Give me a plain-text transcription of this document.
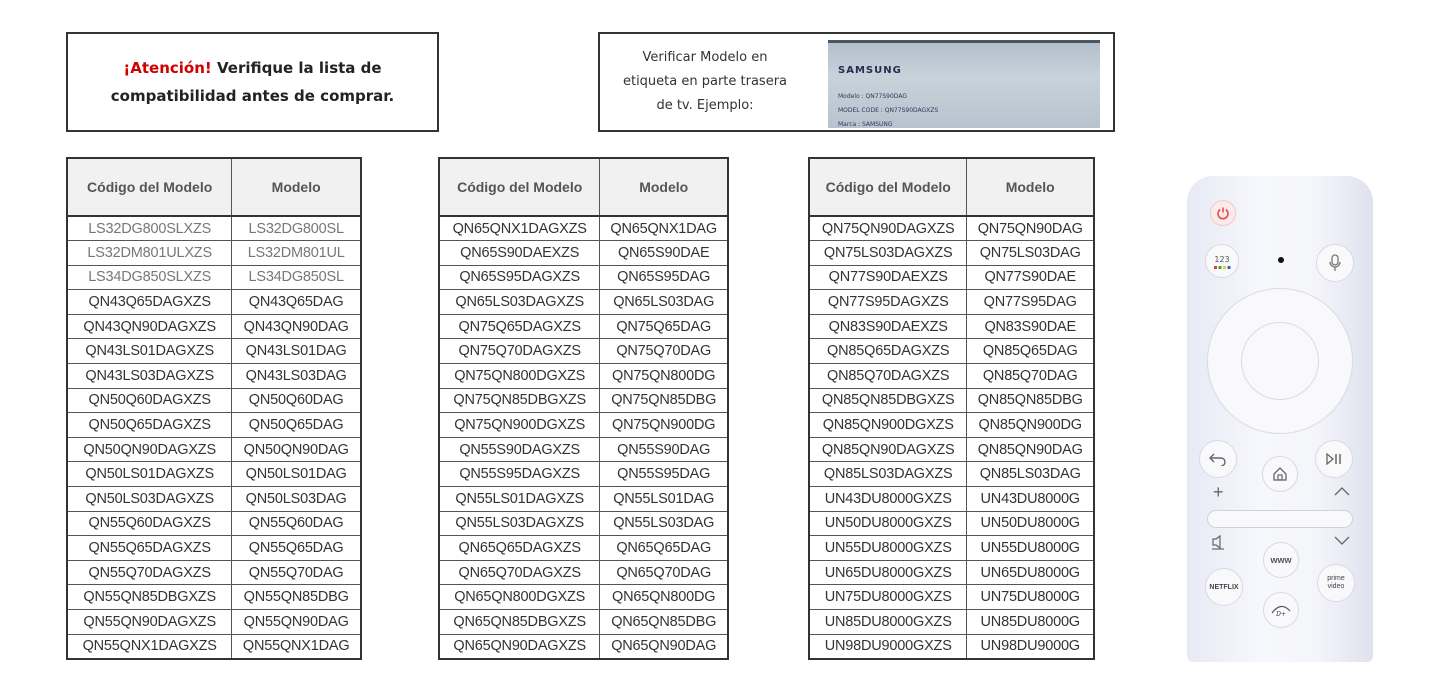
¡Atención! Verifique la lista de
compatibilidad antes de comprar.
Verificar Modelo en
etiqueta en parte trasera
de tv. Ejemplo:
SAMSUNG
Modelo : QN77S90DAG
MODEL CODE : QN77S90DAGXZS
Marca : SAMSUNG
Código del Modelo	Modelo
LS32DG800SLXZS	LS32DG800SL
LS32DM801ULXZS	LS32DM801UL
LS34DG850SLXZS	LS34DG850SL
QN43Q65DAGXZS	QN43Q65DAG
QN43QN90DAGXZS	QN43QN90DAG
QN43LS01DAGXZS	QN43LS01DAG
QN43LS03DAGXZS	QN43LS03DAG
QN50Q60DAGXZS	QN50Q60DAG
QN50Q65DAGXZS	QN50Q65DAG
QN50QN90DAGXZS	QN50QN90DAG
QN50LS01DAGXZS	QN50LS01DAG
QN50LS03DAGXZS	QN50LS03DAG
QN55Q60DAGXZS	QN55Q60DAG
QN55Q65DAGXZS	QN55Q65DAG
QN55Q70DAGXZS	QN55Q70DAG
QN55QN85DBGXZS	QN55QN85DBG
QN55QN90DAGXZS	QN55QN90DAG
QN55QNX1DAGXZS	QN55QNX1DAG
Código del Modelo	Modelo
QN65QNX1DAGXZS	QN65QNX1DAG
QN65S90DAEXZS	QN65S90DAE
QN65S95DAGXZS	QN65S95DAG
QN65LS03DAGXZS	QN65LS03DAG
QN75Q65DAGXZS	QN75Q65DAG
QN75Q70DAGXZS	QN75Q70DAG
QN75QN800DGXZS	QN75QN800DG
QN75QN85DBGXZS	QN75QN85DBG
QN75QN900DGXZS	QN75QN900DG
QN55S90DAGXZS	QN55S90DAG
QN55S95DAGXZS	QN55S95DAG
QN55LS01DAGXZS	QN55LS01DAG
QN55LS03DAGXZS	QN55LS03DAG
QN65Q65DAGXZS	QN65Q65DAG
QN65Q70DAGXZS	QN65Q70DAG
QN65QN800DGXZS	QN65QN800DG
QN65QN85DBGXZS	QN65QN85DBG
QN65QN90DAGXZS	QN65QN90DAG
Código del Modelo	Modelo
QN75QN90DAGXZS	QN75QN90DAG
QN75LS03DAGXZS	QN75LS03DAG
QN77S90DAEXZS	QN77S90DAE
QN77S95DAGXZS	QN77S95DAG
QN83S90DAEXZS	QN83S90DAE
QN85Q65DAGXZS	QN85Q65DAG
QN85Q70DAGXZS	QN85Q70DAG
QN85QN85DBGXZS	QN85QN85DBG
QN85QN900DGXZS	QN85QN900DG
QN85QN90DAGXZS	QN85QN90DAG
QN85LS03DAGXZS	QN85LS03DAG
UN43DU8000GXZS	UN43DU8000G
UN50DU8000GXZS	UN50DU8000G
UN55DU8000GXZS	UN55DU8000G
UN65DU8000GXZS	UN65DU8000G
UN75DU8000GXZS	UN75DU8000G
UN85DU8000GXZS	UN85DU8000G
UN98DU9000GXZS	UN98DU9000G
123
+
www
NETFLIX
prime video
D+
